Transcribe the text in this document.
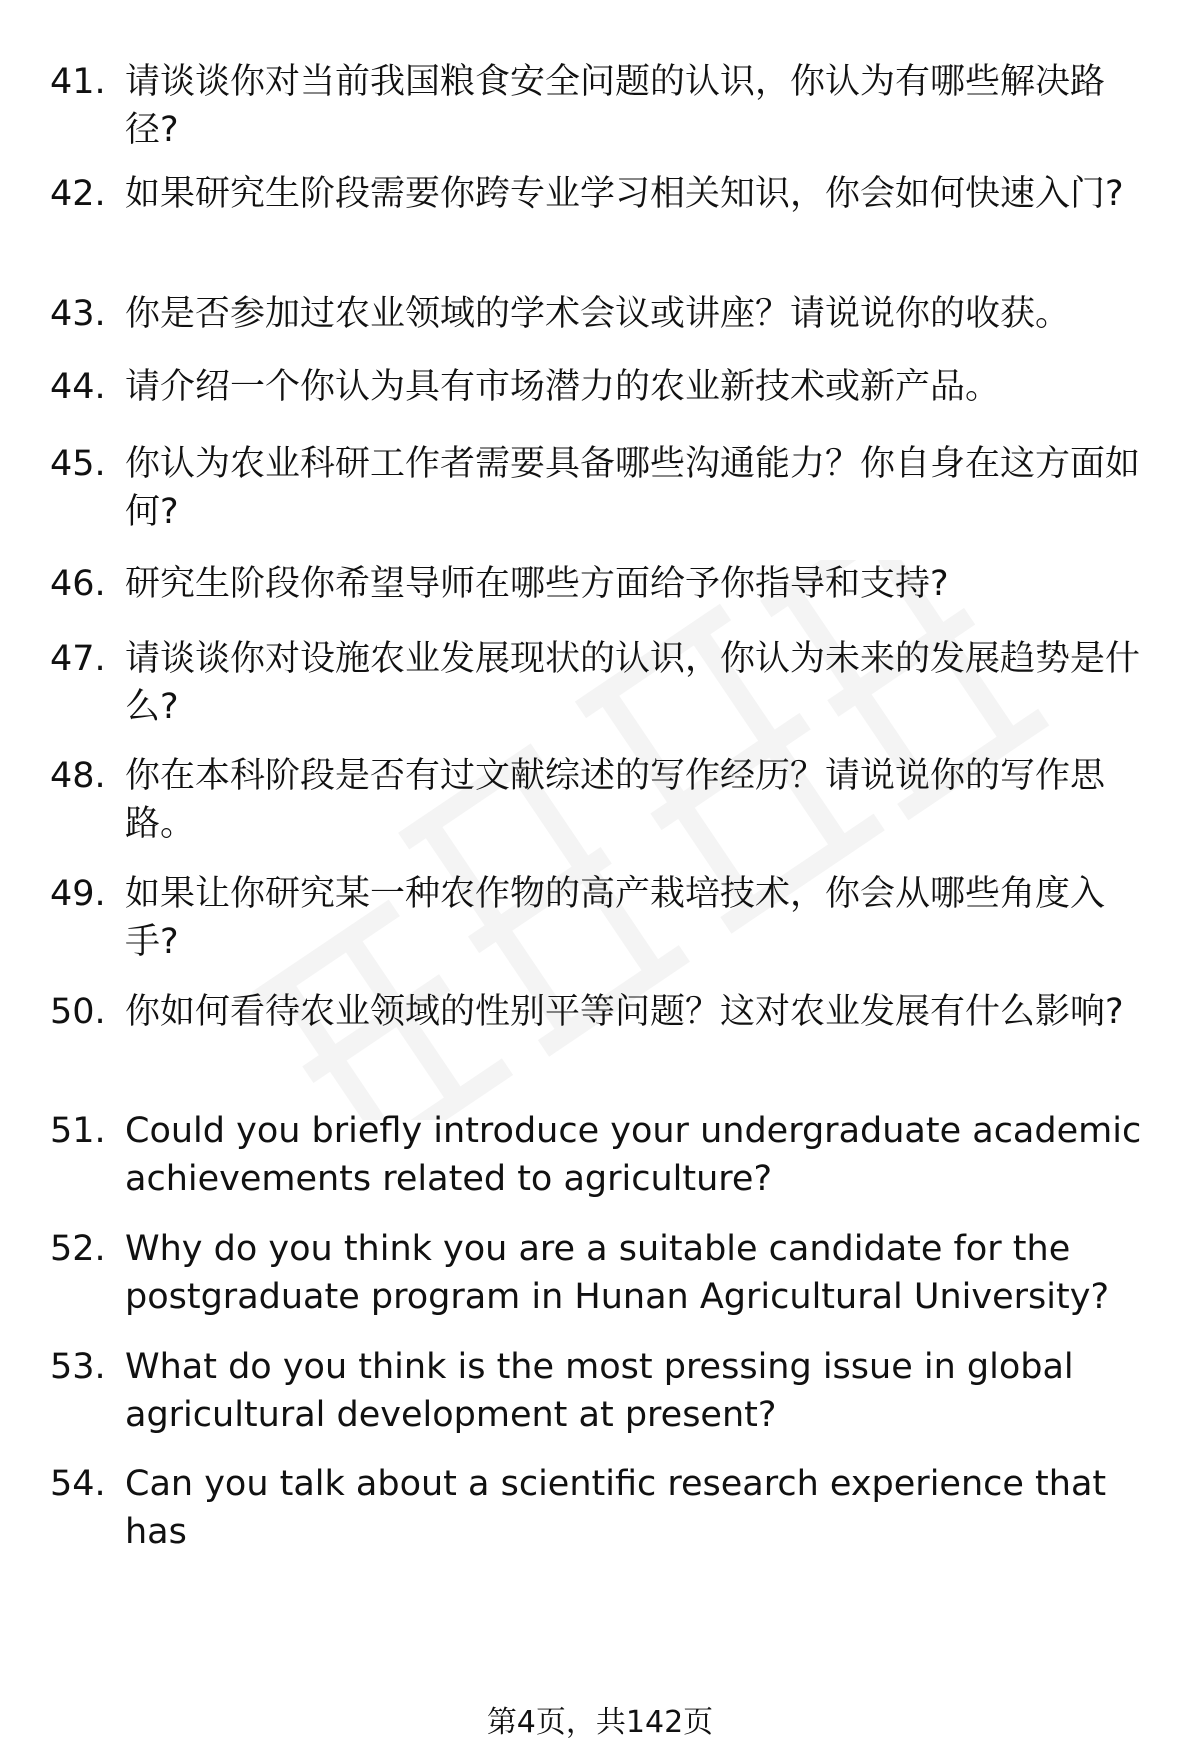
41. 请谈谈你对当前我国粮食安全问题的认识，你认为有哪些解决路径?
42. 如果研究生阶段需要你跨专业学习相关知识，你会如何快速入门?
43. 你是否参加过农业领域的学术会议或讲座？请说说你的收获。
44. 请介绍一个你认为具有市场潜力的农业新技术或新产品。
45. 你认为农业科研工作者需要具备哪些沟通能力？你自身在这方面如何?
46. 研究生阶段你希望导师在哪些方面给予你指导和支持?
47. 请谈谈你对设施农业发展现状的认识，你认为未来的发展趋势是什么?
48. 你在本科阶段是否有过文献综述的写作经历？请说说你的写作思路。
49. 如果让你研究某一种农作物的高产栽培技术，你会从哪些角度入手?
50. 你如何看待农业领域的性别平等问题？这对农业发展有什么影响?
51. Could you briefly introduce your undergraduate academic achievements related to agriculture?
52. Why do you think you are a suitable candidate for the postgraduate program in Hunan Agricultural University?
53. What do you think is the most pressing issue in global agricultural development at present?
54. Can you talk about a scientific research experience that has
第4页，共142页
